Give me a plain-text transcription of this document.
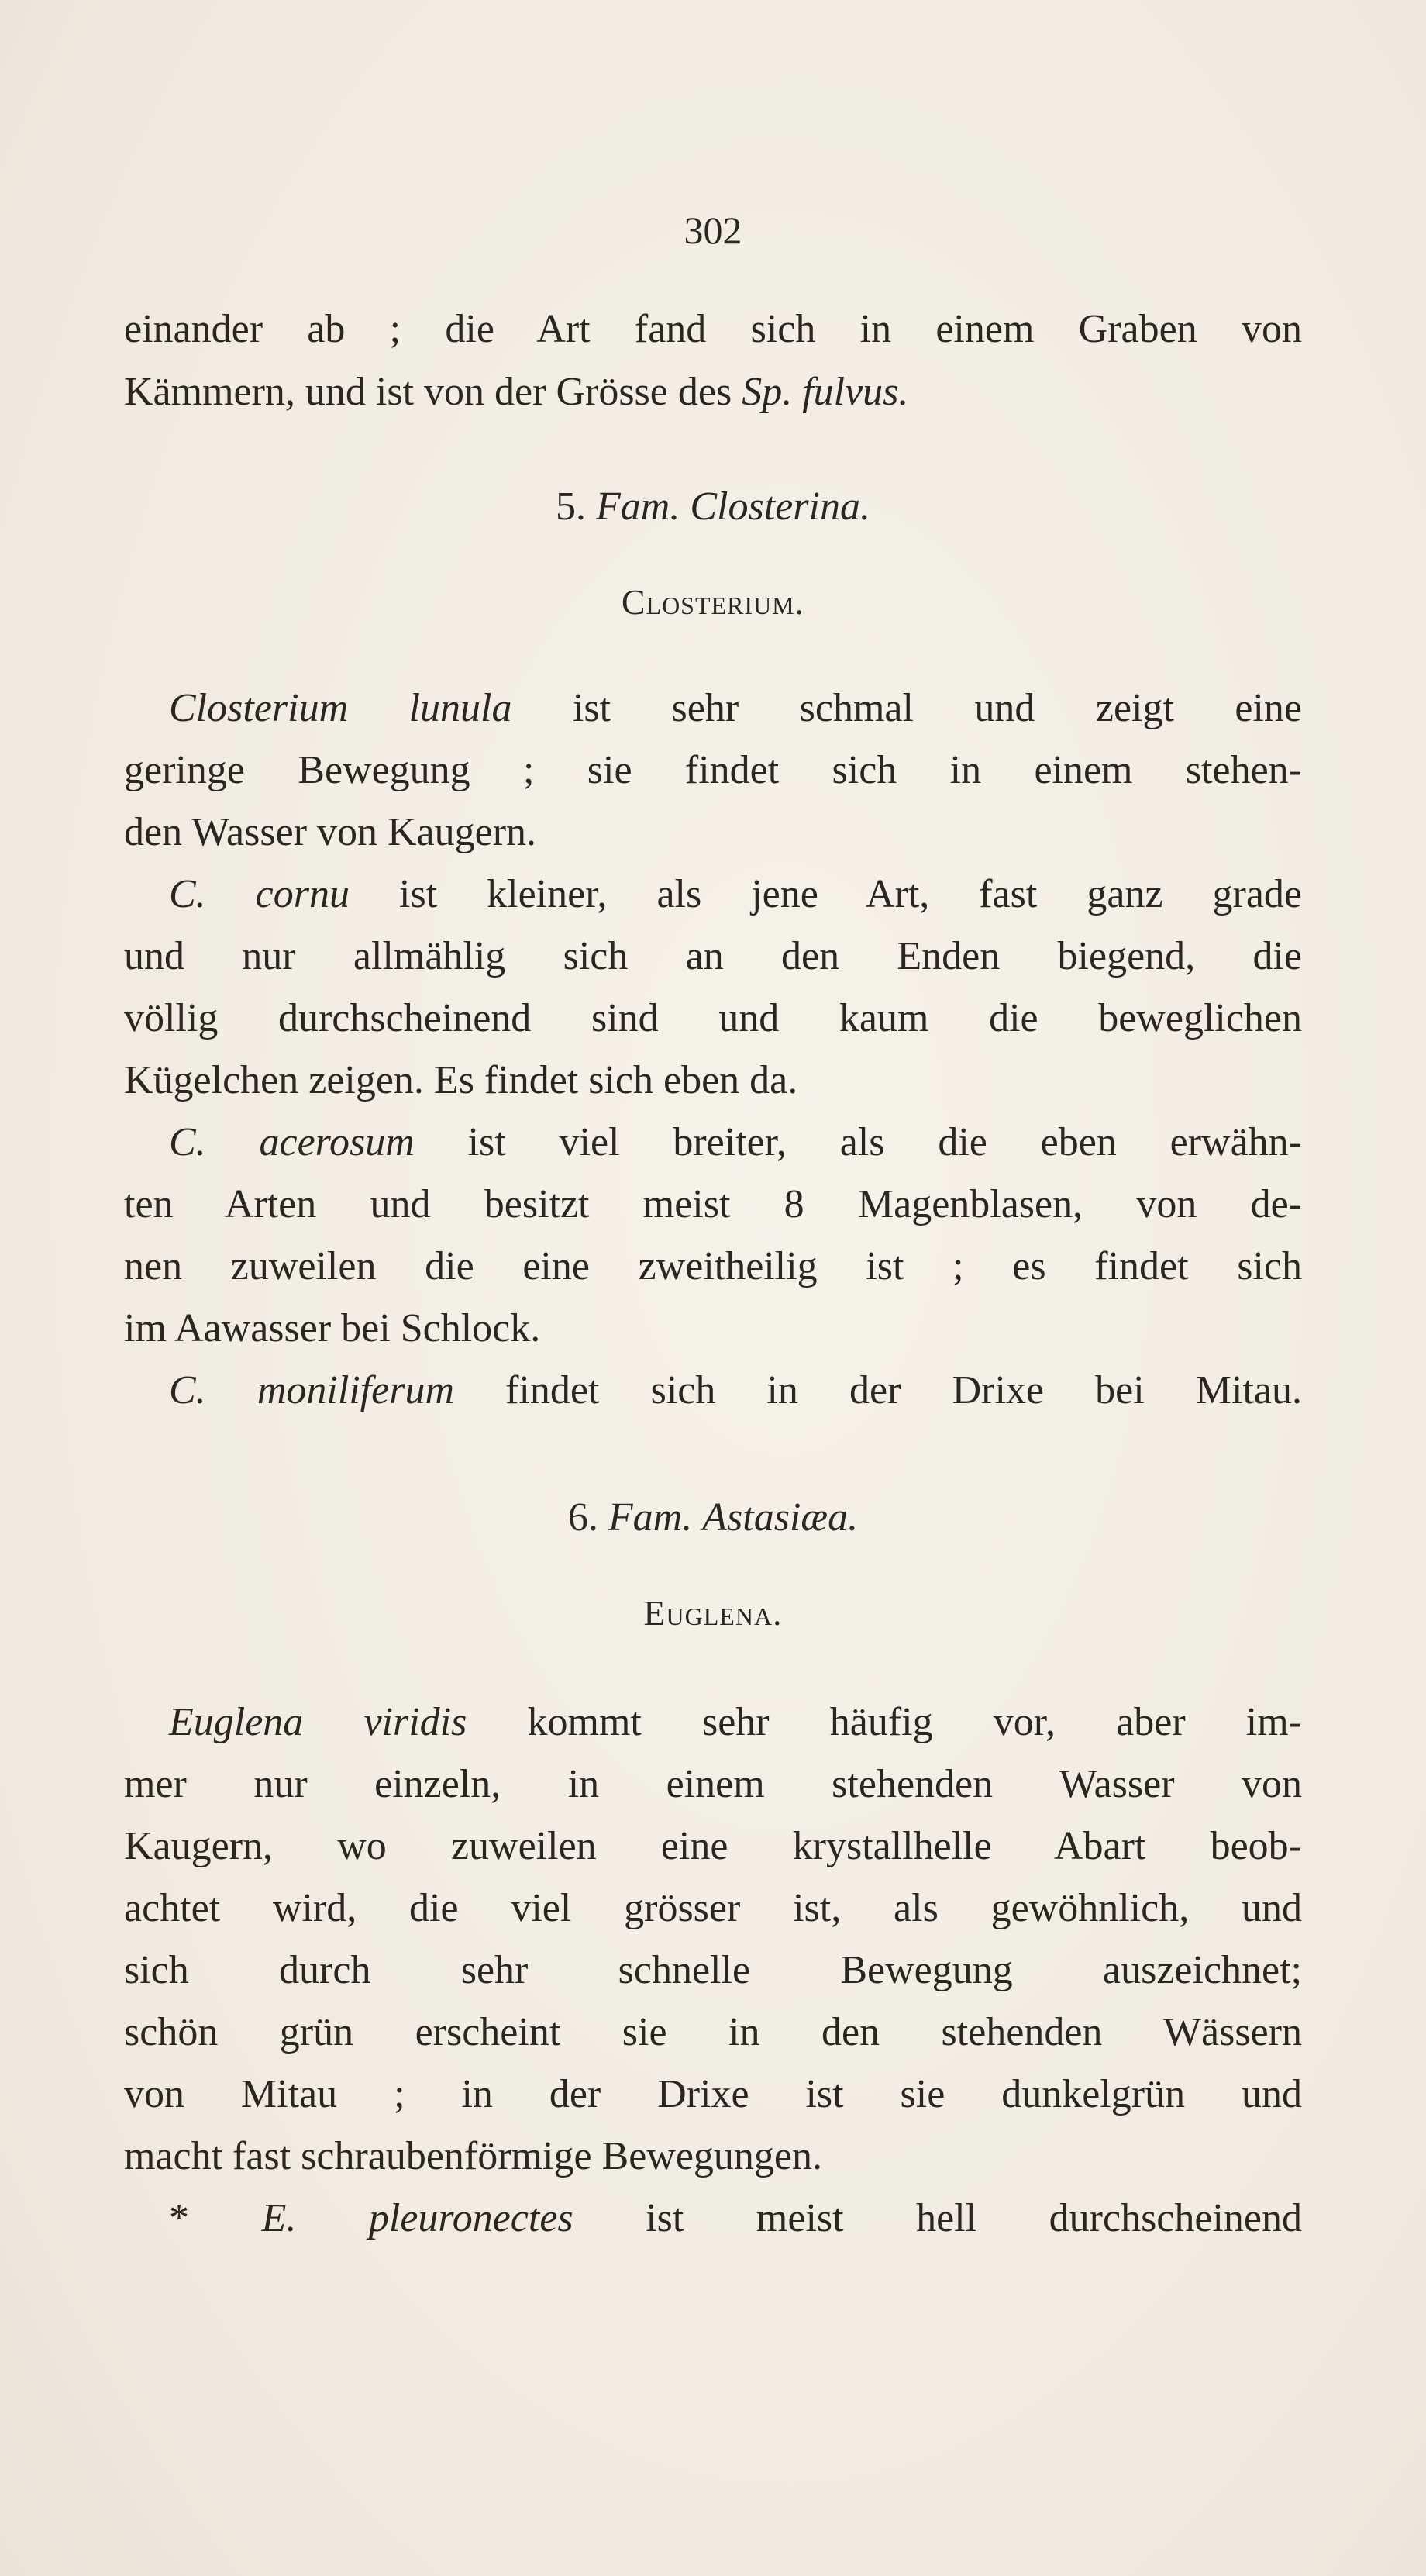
302
einander ab ; die Art fand sich in einem Graben von
Kämmern, und ist von der Grösse des Sp. fulvus.
5. Fam. Closterina.
Closterium.
Closterium lunula ist sehr schmal und zeigt eine
geringe Bewegung ; sie findet sich in einem stehen-
den Wasser von Kaugern.
C. cornu ist kleiner, als jene Art, fast ganz grade
und nur allmählig sich an den Enden biegend, die
völlig durchscheinend sind und kaum die beweglichen
Kügelchen zeigen. Es findet sich eben da.
C. acerosum ist viel breiter, als die eben erwähn-
ten Arten und besitzt meist 8 Magenblasen, von de-
nen zuweilen die eine zweitheilig ist ; es findet sich
im Aawasser bei Schlock.
C. moniliferum findet sich in der Drixe bei Mitau.
6. Fam. Astasiæa.
Euglena.
Euglena viridis kommt sehr häufig vor, aber im-
mer nur einzeln, in einem stehenden Wasser von
Kaugern, wo zuweilen eine krystallhelle Abart beob-
achtet wird, die viel grösser ist, als gewöhnlich, und
sich durch sehr schnelle Bewegung auszeichnet;
schön grün erscheint sie in den stehenden Wässern
von Mitau ; in der Drixe ist sie dunkelgrün und
macht fast schraubenförmige Bewegungen.
* E. pleuronectes ist meist hell durchscheinend
